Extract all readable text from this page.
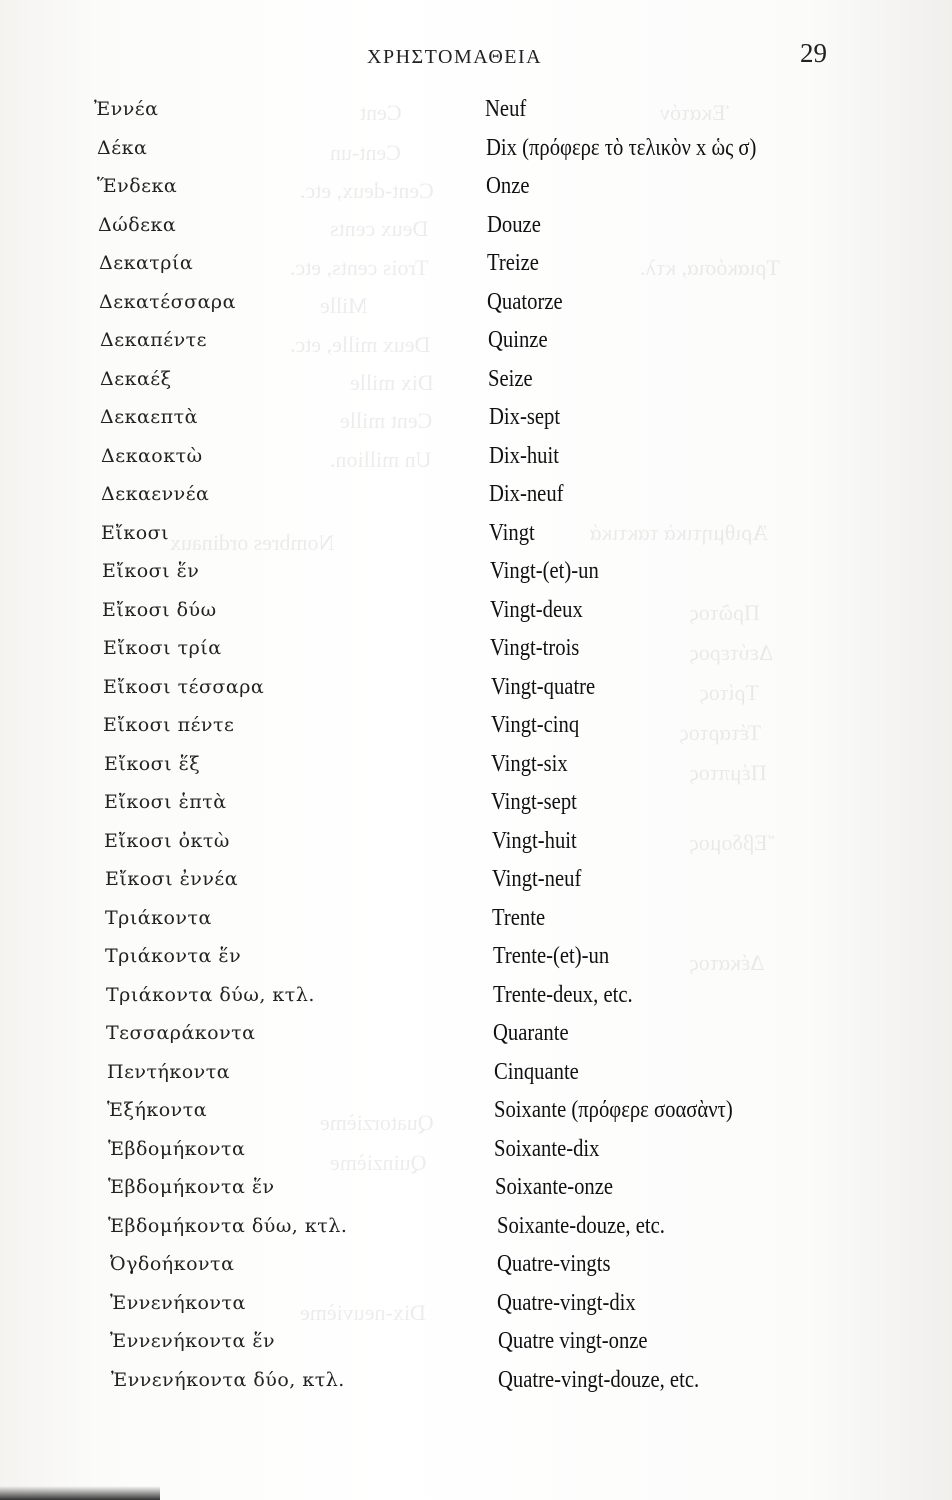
Cent
Cent-un
Cent-deux, etc.
Deux cents
Trois cents, etc.
Mille
Deux mille, etc.
Dix mille
Cent mille
Un million.
Nombres ordinaux	Ἀριθμητικὰ τακτικά
Ἑκατόν
Τριακόσια, κτλ.
Πρῶτος
Δεύτερος
Τρίτος
Τέταρτος
Πέμπτος
Ἕβδομος
Δέκατος
Quatorzième
Quinzième
Dix-neuvième
ΧΡΗΣΤΟΜΑΘΕΙΑ	29
Ἐννέα	Neuf
Δέκα	Dix (πρόφερε τὸ τελικὸν x ὡς σ)
Ἕνδεκα	Onze
Δώδεκα	Douze
Δεκατρία	Treize
Δεκατέσσαρα	Quatorze
Δεκαπέντε	Quinze
Δεκαέξ	Seize
Δεκαεπτὰ	Dix-sept
Δεκαοκτὼ	Dix-huit
Δεκαεννέα	Dix-neuf
Εἴκοσι	Vingt
Εἴκοσι ἕν	Vingt-(et)-un
Εἴκοσι δύω	Vingt-deux
Εἴκοσι τρία	Vingt-trois
Εἴκοσι τέσσαρα	Vingt-quatre
Εἴκοσι πέντε	Vingt-cinq
Εἴκοσι ἕξ	Vingt-six
Εἴκοσι ἑπτὰ	Vingt-sept
Εἴκοσι ὀκτὼ	Vingt-huit
Εἴκοσι ἐννέα	Vingt-neuf
Τριάκοντα	Trente
Τριάκοντα ἕν	Trente-(et)-un
Τριάκοντα δύω, κτλ.	Trente-deux, etc.
Τεσσαράκοντα	Quarante
Πεντήκοντα	Cinquante
Ἑξήκοντα	Soixante (πρόφερε σοασὰντ)
Ἑβδομήκοντα	Soixante-dix
Ἑβδομήκοντα ἕν	Soixante-onze
Ἑβδομήκοντα δύω, κτλ.	Soixante-douze, etc.
Ὀγδοήκοντα	Quatre-vingts
Ἐννενήκοντα	Quatre-vingt-dix
Ἐννενήκοντα ἕν	Quatre vingt-onze
Ἐννενήκοντα δύο, κτλ.	Quatre-vingt-douze, etc.
